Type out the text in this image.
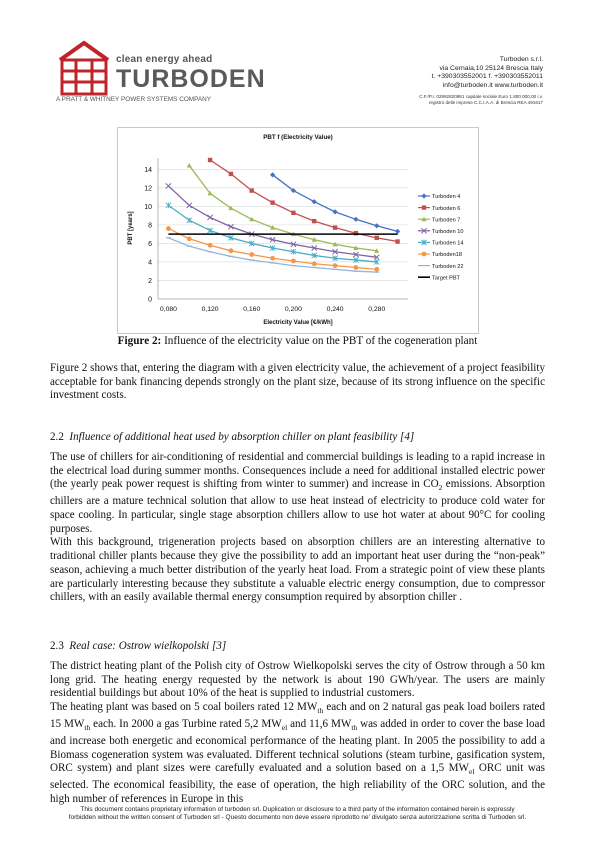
clean energy ahead
TURBODEN
A PRATT & WHITNEY POWER SYSTEMS COMPANY
Turboden s.r.l.
via Cernaia,10 25124 Brescia Italy
t. +390303552001 f. +390303552011
info@turboden.it www.turboden.it
C.F./P.I. 02992820981 capitale sociale Euro 1.800.000,00 i.v.
registro delle imprese C.C.I.A.A. di Brescia REA 491617
PBT f (Electricity Value)
0
2
4
6
8
10
12
14
0,080	0,120	0,160	0,200	0,240	0,280
Electricity Value [€/kWh]
PBT [years]
Turboden 4
Turboden 6
Turboden 7
Turboden 10
Turboden 14
Turboden18
Turboden 22
Target PBT
Figure 2: Influence of the electricity value on the PBT of the cogeneration plant

Figure 2 shows that, entering the diagram with a given electricity value, the achievement of a project feasibility acceptable for bank financing depends strongly on the plant size, because of its strong influence on the specific investment costs.

2.2 Influence of additional heat used by absorption chiller on plant feasibility [4]

The use of chillers for air-conditioning of residential and commercial buildings is leading to a rapid increase in the electrical load during summer months. Consequences include a need for additional installed electric power (the yearly peak power request is shifting from winter to summer) and increase in $CO_2$ emissions. Absorption chillers are a mature technical solution that allow to use heat instead of electricity to produce cold water for space cooling. In particular, single stage absorption chillers allow to use hot water at about 90°C for cooling purposes.

With this background, trigeneration projects based on absorption chillers are an interesting alternative to traditional chiller plants because they give the possibility to add an important heat user during the “non-peak” season, achieving a much better distribution of the yearly heat load. From a strategic point of view these plants are particularly interesting because they substitute a valuable electric energy consumption, due to compressor chillers, with an easily available thermal energy consumption required by absorption chiller .

2.3 Real case: Ostrow wielkopolski [3]

The district heating plant of the Polish city of Ostrow Wielkopolski serves the city of Ostrow through a 50 km long grid. The heating energy requested by the network is about 190 GWh/year. The users are mainly residential buildings but about 10% of the heat is supplied to industrial customers.

The heating plant was based on 5 coal boilers rated 12 $MW_{th}$ each and on 2 natural gas peak load boilers rated 15 $MW_{th}$ each. In 2000 a gas Turbine rated 5,2 $MW_{el}$ and 11,6 $MW_{th}$ was added in order to cover the base load and increase both energetic and economical performance of the heating plant. In 2005 the possibility to add a Biomass cogeneration system was evaluated. Different technical solutions (steam turbine, gasification system, ORC system) and plant sizes were carefully evaluated and a solution based on a 1,5 $MW_{el}$ ORC unit was selected. The economical feasibility, the ease of operation, the high reliability of the ORC solution, and the high number of references in Europe in this

This document contains proprietary information of turboden srl. Duplication or disclosure to a third party of the information contained herein is expressly
forbidden without the written consent of Turboden srl - Questo documento non deve essere riprodotto ne’ divulgato senza autorizzazione scritta di Turboden srl.
